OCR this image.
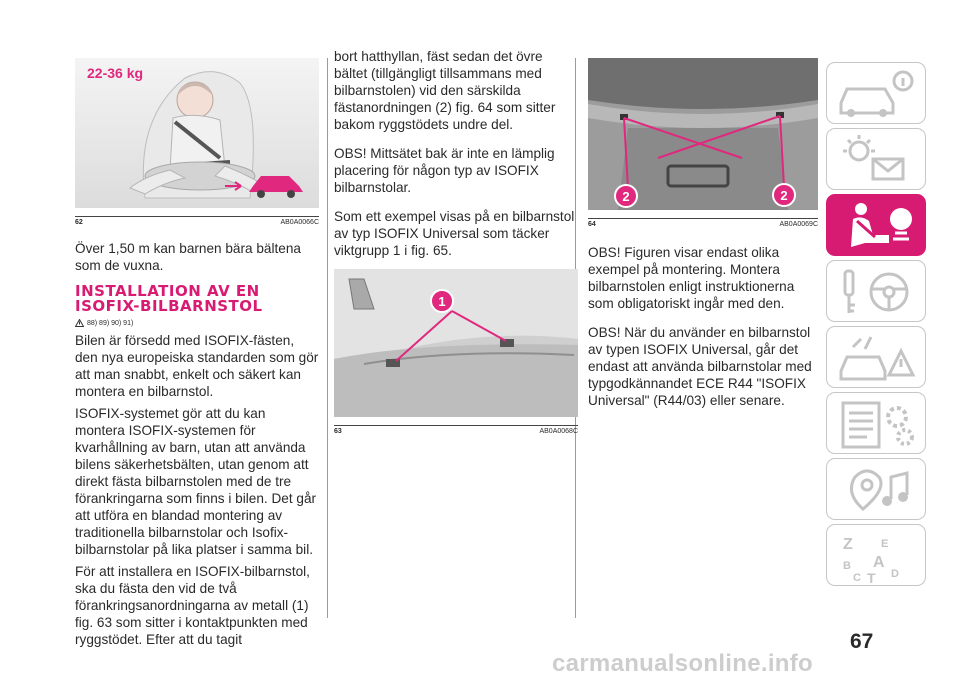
22-36 kg
62	AB0A0066C

Över 1,50 m kan barnen bära bältena som de vuxna.

INSTALLATION AV EN ISOFIX-BILBARNSTOL
88) 89) 90) 91)

Bilen är försedd med ISOFIX-fästen, den nya europeiska standarden som gör att man snabbt, enkelt och säkert kan montera en bilbarnstol.

ISOFIX-systemet gör att du kan montera ISOFIX-systemen för kvarhållning av barn, utan att använda bilens säkerhetsbälten, utan genom att direkt fästa bilbarnstolen med de tre förankringarna som finns i bilen. Det går att utföra en blandad montering av traditionella bilbarnstolar och Isofix-bilbarnstolar på lika platser i samma bil.

För att installera en ISOFIX-bilbarnstol, ska du fästa den vid de två förankringsanordningarna av metall (1) fig. 63 som sitter i kontaktpunkten med ryggstödet. Efter att du tagit

bort hatthyllan, fäst sedan det övre bältet (tillgängligt tillsammans med bilbarnstolen) vid den särskilda fästanordningen (2) fig. 64 som sitter bakom ryggstödets undre del.

OBS! Mittsätet bak är inte en lämplig placering för någon typ av ISOFIX bilbarnstolar.

Som ett exempel visas på en bilbarnstol av typ ISOFIX Universal som täcker viktgrupp 1 i fig. 65.

1
63	AB0A0068C
2	2
64	AB0A0069C

OBS! Figuren visar endast olika exempel på montering. Montera bilbarnstolen enligt instruktionerna som obligatoriskt ingår med den.

OBS! När du använder en bilbarnstol av typen ISOFIX Universal, går det endast att använda bilbarnstolar med typgodkännandet ECE R44 "ISOFIX Universal" (R44/03) eller senare.

Z	E
B A
C T D
67
carmanualsonline.info
